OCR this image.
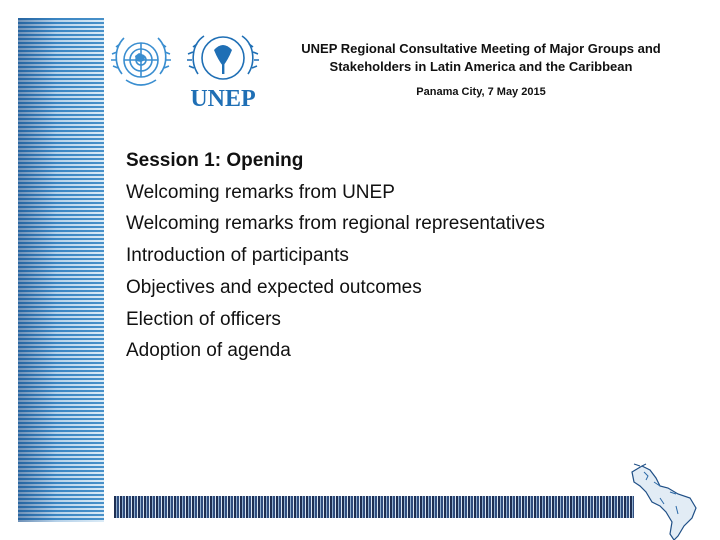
UNEP
UNEP Regional Consultative Meeting of Major Groups and
Stakeholders in Latin America and the Caribbean
Panama City, 7 May 2015
Session 1: Opening
Welcoming remarks from UNEP
Welcoming remarks from regional representatives
Introduction of participants
Objectives and expected outcomes
Election of officers
Adoption of agenda
